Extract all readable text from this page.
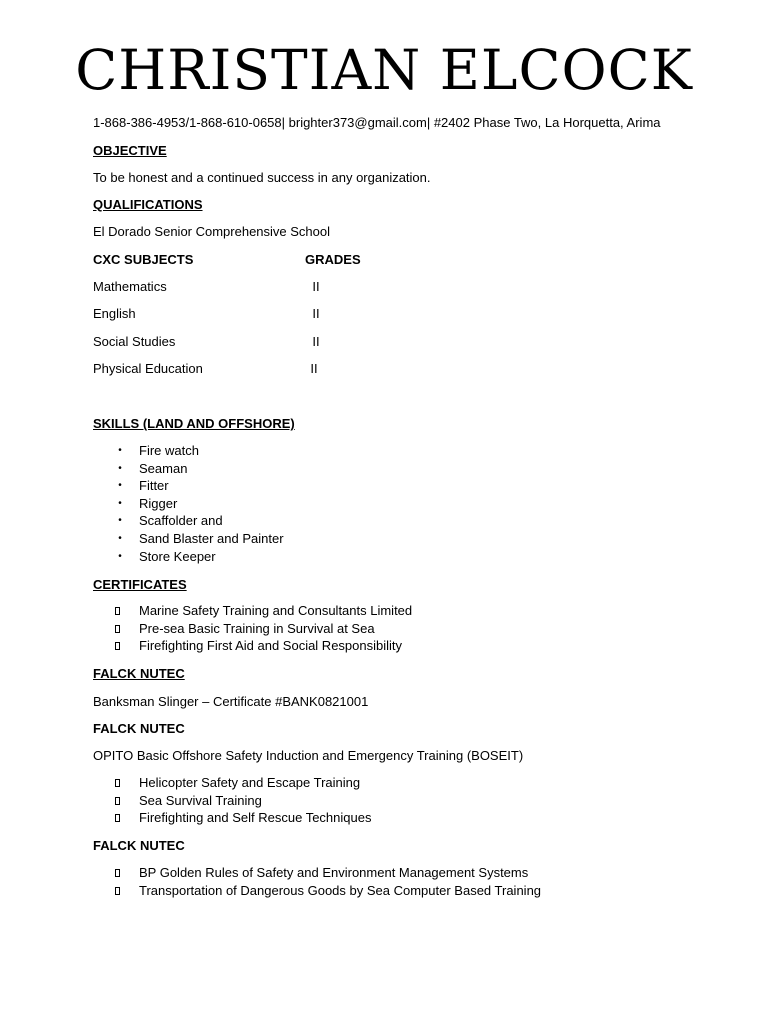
CHRISTIAN ELCOCK
1-868-386-4953/1-868-610-0658| brighter373@gmail.com| #2402 Phase Two, La Horquetta, Arima
OBJECTIVE
To be honest and a continued success in any organization.
QUALIFICATIONS
El Dorado Senior Comprehensive School
CXC SUBJECTS	GRADES
Mathematics	II
English	II
Social Studies	II
Physical Education	II
SKILLS (LAND AND OFFSHORE)
• Fire watch
• Seaman
• Fitter
• Rigger
• Scaffolder and
• Sand Blaster and Painter
• Store Keeper
CERTIFICATES
Marine Safety Training and Consultants Limited
Pre-sea Basic Training in Survival at Sea
Firefighting First Aid and Social Responsibility
FALCK NUTEC
Banksman Slinger – Certificate #BANK0821001
FALCK NUTEC
OPITO Basic Offshore Safety Induction and Emergency Training (BOSEIT)
Helicopter Safety and Escape Training
Sea Survival Training
Firefighting and Self Rescue Techniques
FALCK NUTEC
BP Golden Rules of Safety and Environment Management Systems
Transportation of Dangerous Goods by Sea Computer Based Training
